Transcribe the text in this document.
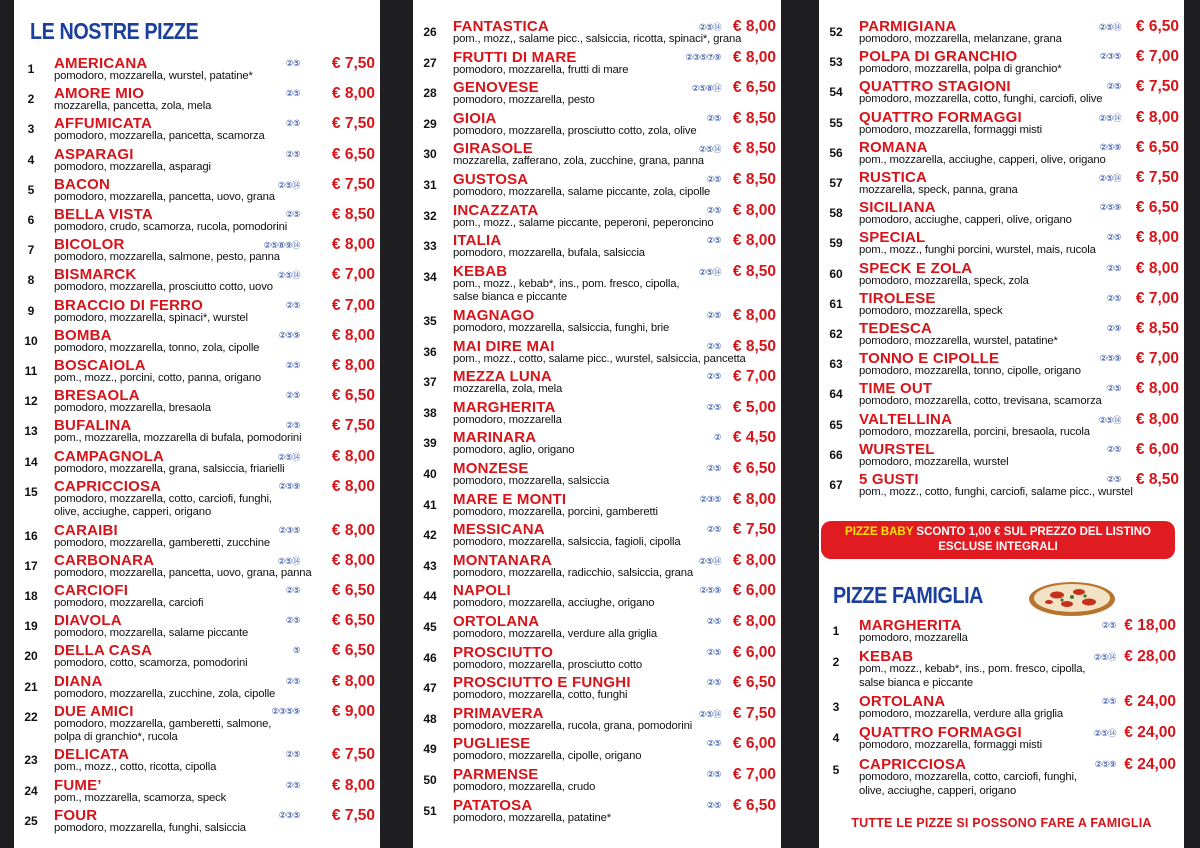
LE NOSTRE PIZZE
1	AMERICANA	②⑤ € 7,50
pomodoro, mozzarella, wurstel, patatine*
2	AMORE MIO	②⑤ € 8,00
mozzarella, pancetta, zola, mela
3	AFFUMICATA	②⑤ € 7,50
pomodoro, mozzarella, pancetta, scamorza
4	ASPARAGI	②⑤ € 6,50
pomodoro, mozzarella, asparagi
5	BACON	②⑤⑭ € 7,50
pomodoro, mozzarella, pancetta, uovo, grana
6	BELLA VISTA	②⑤ € 8,50
pomodoro, crudo, scamorza, rucola, pomodorini
7	BICOLOR	②⑤⑧⑨⑭ € 8,00
pomodoro, mozzarella, salmone, pesto, panna
8	BISMARCK	②⑤⑭ € 7,00
pomodoro, mozzarella, prosciutto cotto, uovo
9	BRACCIO DI FERRO	②⑤ € 7,00
pomodoro, mozzarella, spinaci*, wurstel
10	BOMBA	②⑤⑨ € 8,00
pomodoro, mozzarella, tonno, zola, cipolle
11	BOSCAIOLA	②⑤ € 8,00
pom., mozz., porcini, cotto, panna, origano
12	BRESAOLA	②⑤ € 6,50
pomodoro, mozzarella, bresaola
13	BUFALINA	②⑤ € 7,50
pom., mozzarella, mozzarella di bufala, pomodorini
14	CAMPAGNOLA	②⑤⑭ € 8,00
pomodoro, mozzarella, grana, salsiccia, friarielli
15	CAPRICCIOSA	②⑤⑨ € 8,00
pomodoro, mozzarella, cotto, carciofi, funghi,
olive, acciughe, capperi, origano
16	CARAIBI	②③⑤ € 8,00
pomodoro, mozzarella, gamberetti, zucchine
17	CARBONARA	②⑤⑭ € 8,00
pomodoro, mozzarella, pancetta, uovo, grana, panna
18	CARCIOFI	②⑤ € 6,50
pomodoro, mozzarella, carciofi
19	DIAVOLA	②⑤ € 6,50
pomodoro, mozzarella, salame piccante
20	DELLA CASA	⑤ € 6,50
pomodoro, cotto, scamorza, pomodorini
21	DIANA	②⑤ € 8,00
pomodoro, mozzarella, zucchine, zola, cipolle
22	DUE AMICI	②③⑤⑨ € 9,00
pomodoro, mozzarella, gamberetti, salmone,
polpa di granchio*, rucola
23	DELICATA	②⑤ € 7,50
pom., mozz., cotto, ricotta, cipolla
24	FUME’	②⑤ € 8,00
pom., mozzarella, scamorza, speck
25	FOUR	②③⑤ € 7,50
pomodoro, mozzarella, funghi, salsiccia
26	FANTASTICA	②⑤⑭ € 8,00
pom., mozz,, salame picc., salsiccia, ricotta, spinaci*, grana
27	FRUTTI DI MARE	②③⑤⑦⑨ € 8,00
pomodoro, mozzarella, frutti di mare
28	GENOVESE	②⑤⑧⑭ € 6,50
pomodoro, mozzarella, pesto
29	GIOIA	②⑤ € 8,50
pomodoro, mozzarella, prosciutto cotto, zola, olive
30	GIRASOLE	②⑤⑭ € 8,50
mozzarella, zafferano, zola, zucchine, grana, panna
31	GUSTOSA	②⑤ € 8,50
pomodoro, mozzarella, salame piccante, zola, cipolle
32	INCAZZATA	②⑤ € 8,00
pom., mozz., salame piccante, peperoni, peperoncino
33	ITALIA	②⑤ € 8,00
pomodoro, mozzarella, bufala, salsiccia
34	KEBAB	②⑤⑭ € 8,50
pom., mozz., kebab*, ins., pom. fresco, cipolla,
salse bianca e piccante
35	MAGNAGO	②⑤ € 8,00
pomodoro, mozzarella, salsiccia, funghi, brie
36	MAI DIRE MAI	②⑤ € 8,50
pom., mozz., cotto, salame picc., wurstel, salsiccia, pancetta
37	MEZZA LUNA	②⑤ € 7,00
mozzarella, zola, mela
38	MARGHERITA	②⑤ € 5,00
pomodoro, mozzarella
39	MARINARA	② € 4,50
pomodoro, aglio, origano
40	MONZESE	②⑤ € 6,50
pomodoro, mozzarella, salsiccia
41	MARE E MONTI	②③⑤ € 8,00
pomodoro, mozzarella, porcini, gamberetti
42	MESSICANA	②⑤ € 7,50
pomodoro, mozzarella, salsiccia, fagioli, cipolla
43	MONTANARA	②⑤⑭ € 8,00
pomodoro, mozzarella, radicchio, salsiccia, grana
44	NAPOLI	②⑤⑨ € 6,00
pomodoro, mozzarella, acciughe, origano
45	ORTOLANA	②⑤ € 8,00
pomodoro, mozzarella, verdure alla griglia
46	PROSCIUTTO	②⑤ € 6,00
pomodoro, mozzarella, prosciutto cotto
47	PROSCIUTTO E FUNGHI	②⑤ € 6,50
pomodoro, mozzarella, cotto, funghi
48	PRIMAVERA	②⑤⑭ € 7,50
pomodoro, mozzarella, rucola, grana, pomodorini
49	PUGLIESE	②⑤ € 6,00
pomodoro, mozzarella, cipolle, origano
50	PARMENSE	②⑤ € 7,00
pomodoro, mozzarella, crudo
51	PATATOSA	②⑤ € 6,50
pomodoro, mozzarella, patatine*
52	PARMIGIANA	②⑤⑭ € 6,50
pomodoro, mozzarella, melanzane, grana
53	POLPA DI GRANCHIO	②③⑤ € 7,00
pomodoro, mozzarella, polpa di granchio*
54	QUATTRO STAGIONI	②⑤ € 7,50
pomodoro, mozzarella, cotto, funghi, carciofi, olive
55	QUATTRO FORMAGGI	②⑤⑭ € 8,00
pomodoro, mozzarella, formaggi misti
56	ROMANA	②⑤⑨ € 6,50
pom., mozzarella, acciughe, capperi, olive, origano
57	RUSTICA	②⑤⑭ € 7,50
mozzarella, speck, panna, grana
58	SICILIANA	②⑤⑨ € 6,50
pomodoro, acciughe, capperi, olive, origano
59	SPECIAL	②⑤ € 8,00
pom., mozz., funghi porcini, wurstel, mais, rucola
60	SPECK E ZOLA	②⑤ € 8,00
pomodoro, mozzarella, speck, zola
61	TIROLESE	②⑤ € 7,00
pomodoro, mozzarella, speck
62	TEDESCA	②⑨ € 8,50
pomodoro, mozzarella, wurstel, patatine*
63	TONNO E CIPOLLE	②⑤⑨ € 7,00
pomodoro, mozzarella, tonno, cipolle, origano
64	TIME OUT	②⑤ € 8,00
pomodoro, mozzarella, cotto, trevisana, scamorza
65	VALTELLINA	②⑤⑭ € 8,00
pomodoro, mozzarella, porcini, bresaola, rucola
66	WURSTEL	②⑤ € 6,00
pomodoro, mozzarella, wurstel
67	5 GUSTI	②⑤ € 8,50
pom., mozz., cotto, funghi, carciofi, salame picc., wurstel
PIZZE BABY SCONTO 1,00 € SUL PREZZO DEL LISTINO
ESCLUSE INTEGRALI
PIZZE FAMIGLIA
1	MARGHERITA	②⑤ € 18,00
pomodoro, mozzarella
2	KEBAB	②⑤⑭ € 28,00
pom., mozz., kebab*, ins., pom. fresco, cipolla,
salse bianca e piccante
3	ORTOLANA	②⑤ € 24,00
pomodoro, mozzarella, verdure alla griglia
4	QUATTRO FORMAGGI	②⑤⑭ € 24,00
pomodoro, mozzarella, formaggi misti
5	CAPRICCIOSA	②⑤⑨ € 24,00
pomodoro, mozzarella, cotto, carciofi, funghi,
olive, acciughe, capperi, origano
TUTTE LE PIZZE SI POSSONO FARE A FAMIGLIA
